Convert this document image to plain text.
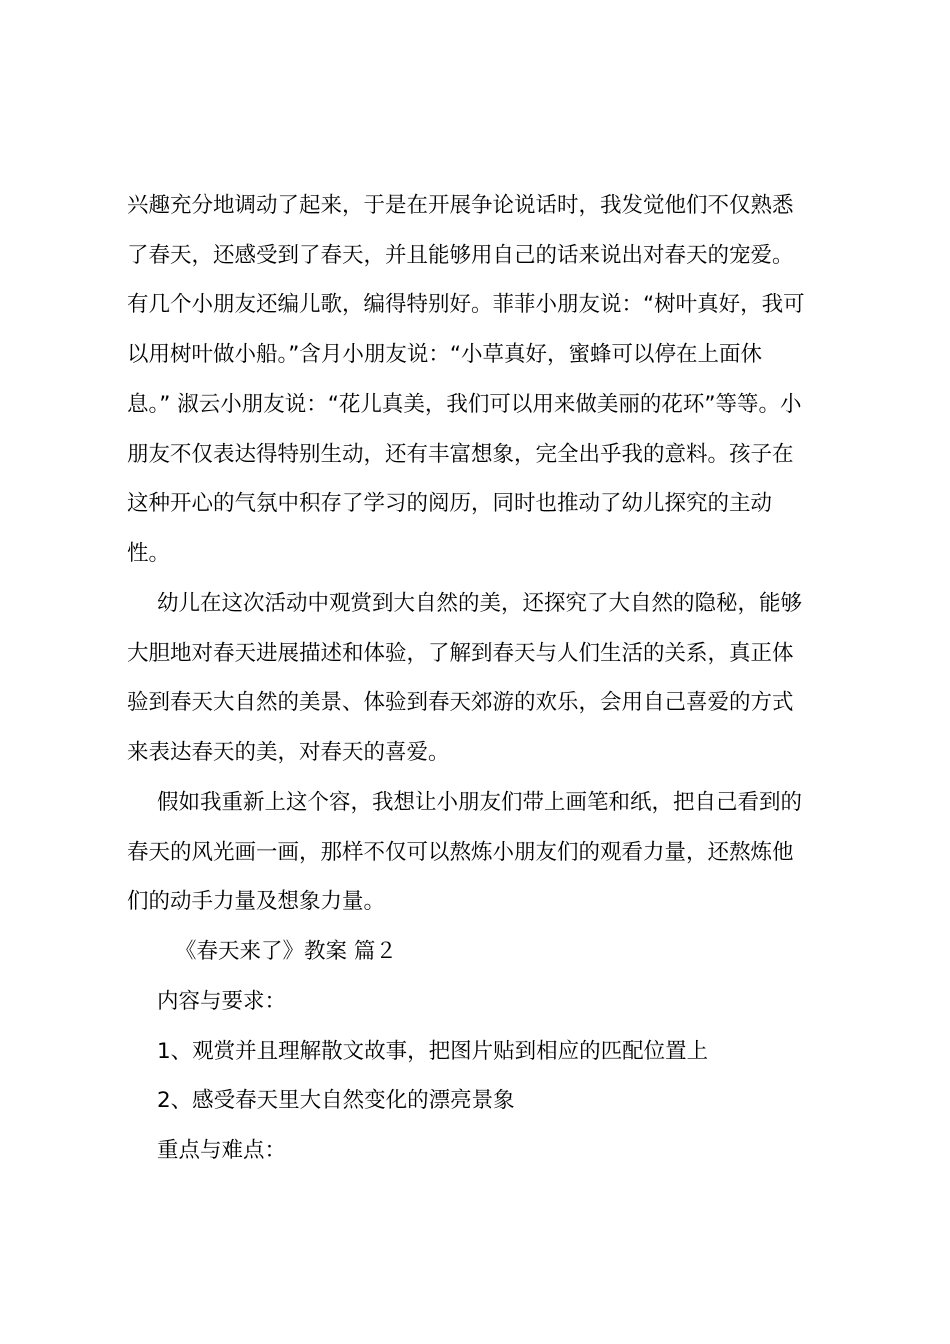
兴趣充分地调动了起来，于是在开展争论说话时，我发觉他们不仅熟悉
了春天，还感受到了春天，并且能够用自己的话来说出对春天的宠爱。
有几个小朋友还编儿歌，编得特别好。菲菲小朋友说：“树叶真好，我可
以用树叶做小船。”含月小朋友说：“小草真好，蜜蜂可以停在上面休
息。” 淑云小朋友说：“花儿真美，我们可以用来做美丽的花环”等等。小
朋友不仅表达得特别生动，还有丰富想象，完全出乎我的意料。孩子在
这种开心的气氛中积存了学习的阅历，同时也推动了幼儿探究的主动
性。
幼儿在这次活动中观赏到大自然的美，还探究了大自然的隐秘，能够
大胆地对春天进展描述和体验，了解到春天与人们生活的关系，真正体
验到春天大自然的美景、体验到春天郊游的欢乐，会用自己喜爱的方式
来表达春天的美，对春天的喜爱。
假如我重新上这个容，我想让小朋友们带上画笔和纸，把自己看到的
春天的风光画一画，那样不仅可以熬炼小朋友们的观看力量，还熬炼他
们的动手力量及想象力量。
《春天来了》教案 篇２
内容与要求：
1、观赏并且理解散文故事，把图片贴到相应的匹配位置上
2、感受春天里大自然变化的漂亮景象
重点与难点：
